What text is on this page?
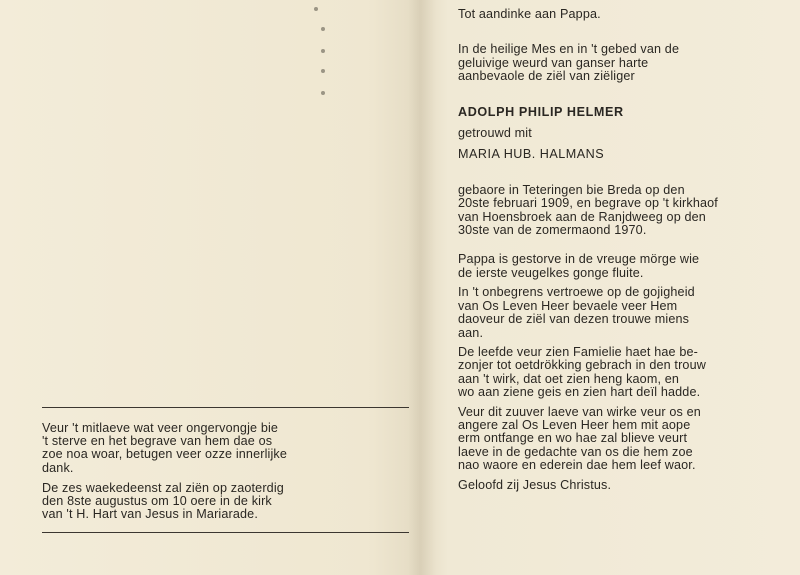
Veur 't mitlaeve wat veer ongervongje bie
't sterve en het begrave van hem dae os
zoe noa woar, betugen veer ozze innerlijke
dank.

De zes waekedeenst zal ziën op zaoterdig
den 8ste augustus om 10 oere in de kirk
van 't H. Hart van Jesus in Mariarade.

Tot aandinke aan Pappa.

In de heilige Mes en in 't gebed van de
geluivige weurd van ganser harte
aanbevaole de ziël van ziëliger

ADOLPH PHILIP HELMER

getrouwd mit

MARIA HUB. HALMANS

gebaore in Teteringen bie Breda op den
20ste februari 1909, en begrave op 't kirkhaof
van Hoensbroek aan de Ranjdweeg op den
30ste van de zomermaond 1970.

Pappa is gestorve in de vreuge mörge wie
de ierste veugelkes gonge fluite.

In 't onbegrens vertroewe op de gojigheid
van Os Leven Heer bevaele veer Hem
daoveur de ziël van dezen trouwe miens
aan.

De leefde veur zien Famielie haet hae be-
zonjer tot oetdrökking gebrach in den trouw
aan 't wirk, dat oet zien heng kaom, en
wo aan ziene geis en zien hart deïl hadde.

Veur dit zuuver laeve van wirke veur os en
angere zal Os Leven Heer hem mit aope
erm ontfange en wo hae zal blieve veurt
laeve in de gedachte van os die hem zoe
nao waore en ederein dae hem leef waor.

Geloofd zij Jesus Christus.
